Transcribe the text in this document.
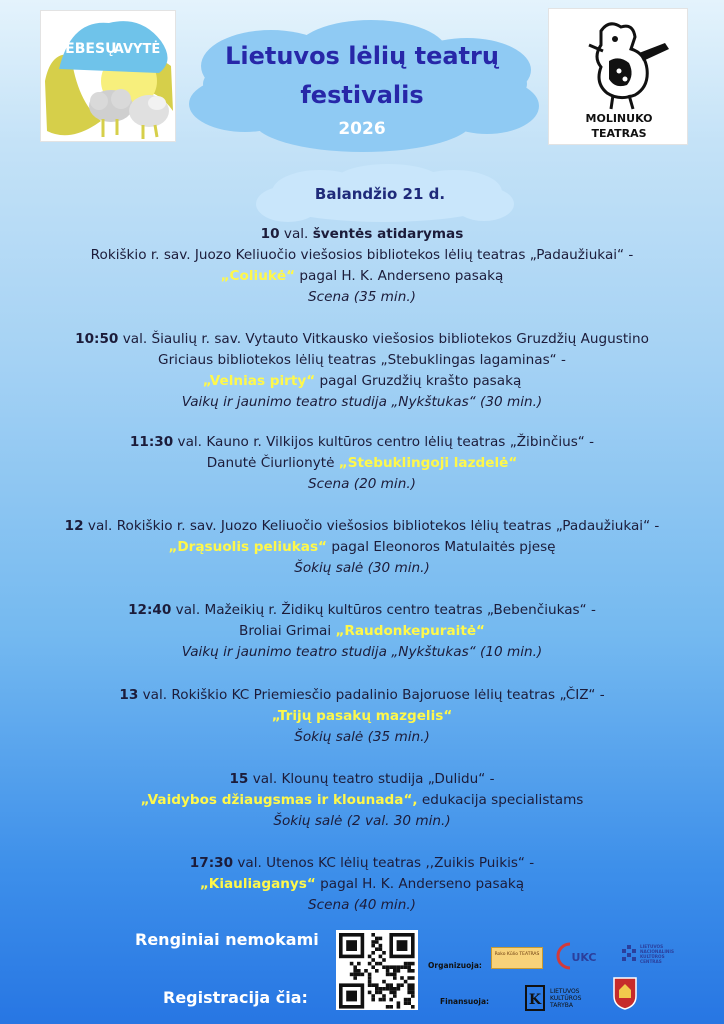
DEBESŲ
AVYTĖ
MOLINUKO
TEATRAS
Lietuvos lėlių teatrų
festivalis
2026
Balandžio 21 d.
10 val. šventės atidarymas
Rokiškio r. sav. Juozo Keliuočio viešosios bibliotekos lėlių teatras „Padaužiukai“ -
„Coliukė“ pagal H. K. Anderseno pasaką
Scena (35 min.)
10:50 val. Šiaulių r. sav. Vytauto Vitkausko viešosios bibliotekos Gruzdžių Augustino
Griciaus bibliotekos lėlių teatras „Stebuklingas lagaminas“ -
„Velnias pirty“ pagal Gruzdžių krašto pasaką
Vaikų ir jaunimo teatro studija „Nykštukas“ (30 min.)
11:30 val. Kauno r. Vilkijos kultūros centro lėlių teatras „Žibinčius“ -
Danutė Čiurlionytė „Stebuklingoji lazdelė“
Scena (20 min.)
12 val. Rokiškio r. sav. Juozo Keliuočio viešosios bibliotekos lėlių teatras „Padaužiukai“ -
„Drąsuolis peliukas“ pagal Eleonoros Matulaitės pjesę
Šokių salė (30 min.)
12:40 val. Mažeikių r. Židikų kultūros centro teatras „Bebenčiukas“ -
Broliai Grimai „Raudonkepuraitė“
Vaikų ir jaunimo teatro studija „Nykštukas“ (10 min.)
13 val. Rokiškio KC Priemiesčio padalinio Bajoruose lėlių teatras „ČIZ“ -
„Trijų pasakų mazgelis“
Šokių salė (35 min.)
15 val. Klounų teatro studija „Dulidu“ -
„Vaidybos džiaugsmas ir klounada“, edukacija specialistams
Šokių salė (2 val. 30 min.)
17:30 val. Utenos KC lėlių teatras ,,Zuikis Puikis“ -
„Kiauliaganys“ pagal H. K. Anderseno pasaką
Scena (40 min.)
Renginiai nemokami
Registracija čia:
Organizuoja:
Finansuoja:
Roko Kūlio TEATRAS	UKC
LIETUVOS NACIONALINIS KULTŪROS CENTRAS
K
LIETUVOS KULTŪROS TARYBA
